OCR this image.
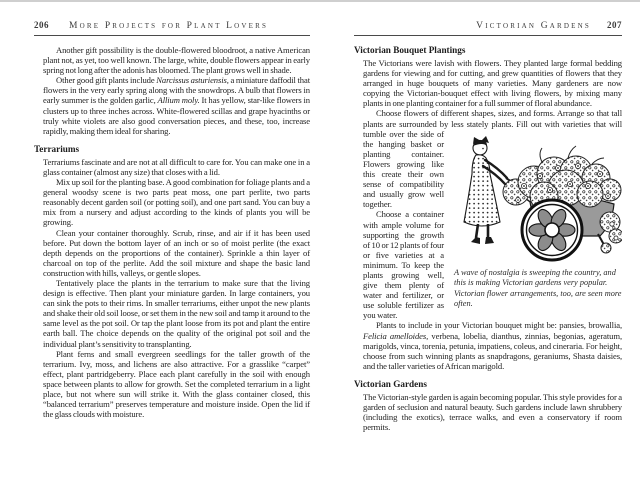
206 More Projects for Plant Lovers

Another gift possibility is the double-flowered bloodroot, a native American plant not, as yet, too well known. The large, white, double flowers appear in early spring not long after the adonis has bloomed. The plant grows well in shade.

Other good gift plants include Narcissus asturiensis, a miniature daffodil that flowers in the very early spring along with the snowdrops. A bulb that flowers in early summer is the golden garlic, Allium moly. It has yellow, star-like flowers in clusters up to three inches across. White-flowered scillas and grape hyacinths or truly white violets are also good conversation pieces, and these, too, increase rapidly, making them ideal for sharing.

Terrariums

Terrariums fascinate and are not at all difficult to care for. You can make one in a glass container (almost any size) that closes with a lid.

Mix up soil for the planting base. A good combination for foliage plants and a general woodsy scene is two parts peat moss, one part perlite, two parts reasonably decent garden soil (or potting soil), and one part sand. You can buy a mix from a nursery and adjust according to the kinds of plants you will be growing.

Clean your container thoroughly. Scrub, rinse, and air if it has been used before. Put down the bottom layer of an inch or so of moist perlite (the exact depth depends on the proportions of the container). Sprinkle a thin layer of charcoal on top of the perlite. Add the soil mixture and shape the basic land construction with hills, valleys, or gentle slopes.

Tentatively place the plants in the terrarium to make sure that the living design is effective. Then plant your miniature garden. In large containers, you can sink the pots to their rims. In smaller terrariums, either unpot the new plants and shake their old soil loose, or set them in the new soil and tamp it around to the same level as the pot soil. Or tap the plant loose from its pot and plant the entire earth ball. The choice depends on the quality of the original pot soil and the individual plant’s sensitivity to transplanting.

Plant ferns and small evergreen seedlings for the taller growth of the terrarium. Ivy, moss, and lichens are also attractive. For a grasslike “carpet” effect, plant partridgeberry. Place each plant carefully in the soil with enough space between plants to allow for growth. Set the completed terrarium in a light place, but not where sun will strike it. With the glass container closed, this “balanced terrarium” preserves temperature and moisture inside. Open the lid if the glass clouds with moisture.

Victorian Gardens 207
Victorian Bouquet Plantings

The Victorians were lavish with flowers. They planted large formal bedding gardens for viewing and for cutting, and grew quantities of flowers that they arranged in huge bouquets of many varieties. Many gardeners are now copying the Victorian-bouquet effect with living flowers, by mixing many plants in one planting container for a full summer of floral abundance.

Choose flowers of different shapes, sizes, and forms. Arrange so that tall plants are surrounded by less stately plants. Fill out with varieties that will
A wave of nostalgia is sweeping the country, and this is making Victorian gardens very popular. Victorian flower arrangements, too, are seen more often.
tumble over the side of the hanging basket or planting container. Flowers growing like this create their own sense of compatibility and usually grow well together.

Choose a container with ample volume for supporting the growth of 10 or 12 plants of four or five varieties at a minimum. To keep the plants growing well, give them plenty of water and fertilizer, or use soluble fertilizer as you water.

Plants to include in your Victorian bouquet might be: pansies, browallia, Felicia amelloides, verbena, lobelia, dianthus, zinnias, begonias, ageratum, marigolds, vinca, torenia, petunia, impatiens, coleus, and cineraria. For height, choose from such winning plants as snapdragons, geraniums, Shasta daisies, and the taller varieties of African marigold.

Victorian Gardens

The Victorian-style garden is again becoming popular. This style provides for a garden of seclusion and natural beauty. Such gardens include lawn shrubbery (including the exotics), terrace walks, and even a conservatory if room permits.
